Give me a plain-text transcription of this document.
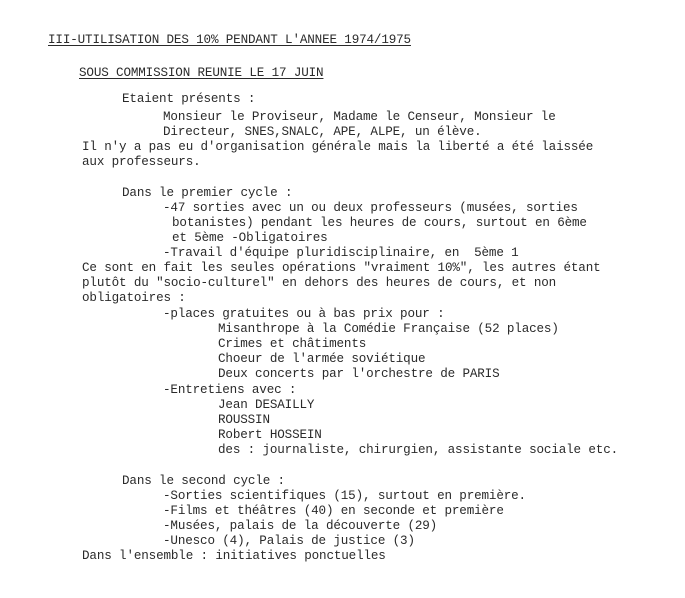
III-UTILISATION DES 10% PENDANT L'ANNEE 1974/1975
SOUS COMMISSION REUNIE LE 17 JUIN
Etaient présents :
Monsieur le Proviseur, Madame le Censeur, Monsieur le
Directeur, SNES,SNALC, APE, ALPE, un élève.
Il n'y a pas eu d'organisation générale mais la liberté a été laissée
aux professeurs.
Dans le premier cycle :
-47 sorties avec un ou deux professeurs (musées, sorties
botanistes) pendant les heures de cours, surtout en 6ème
et 5ème -Obligatoires
-Travail d'équipe pluridisciplinaire, en  5ème 1
Ce sont en fait les seules opérations "vraiment 10%", les autres étant
plutôt du "socio-culturel" en dehors des heures de cours, et non
obligatoires :
-places gratuites ou à bas prix pour :
Misanthrope à la Comédie Française (52 places)
Crimes et châtiments
Choeur de l'armée soviétique
Deux concerts par l'orchestre de PARIS
-Entretiens avec :
Jean DESAILLY
ROUSSIN
Robert HOSSEIN
des : journaliste, chirurgien, assistante sociale etc.
Dans le second cycle :
-Sorties scientifiques (15), surtout en première.
-Films et théâtres (40) en seconde et première
-Musées, palais de la découverte (29)
-Unesco (4), Palais de justice (3)
Dans l'ensemble : initiatives ponctuelles
